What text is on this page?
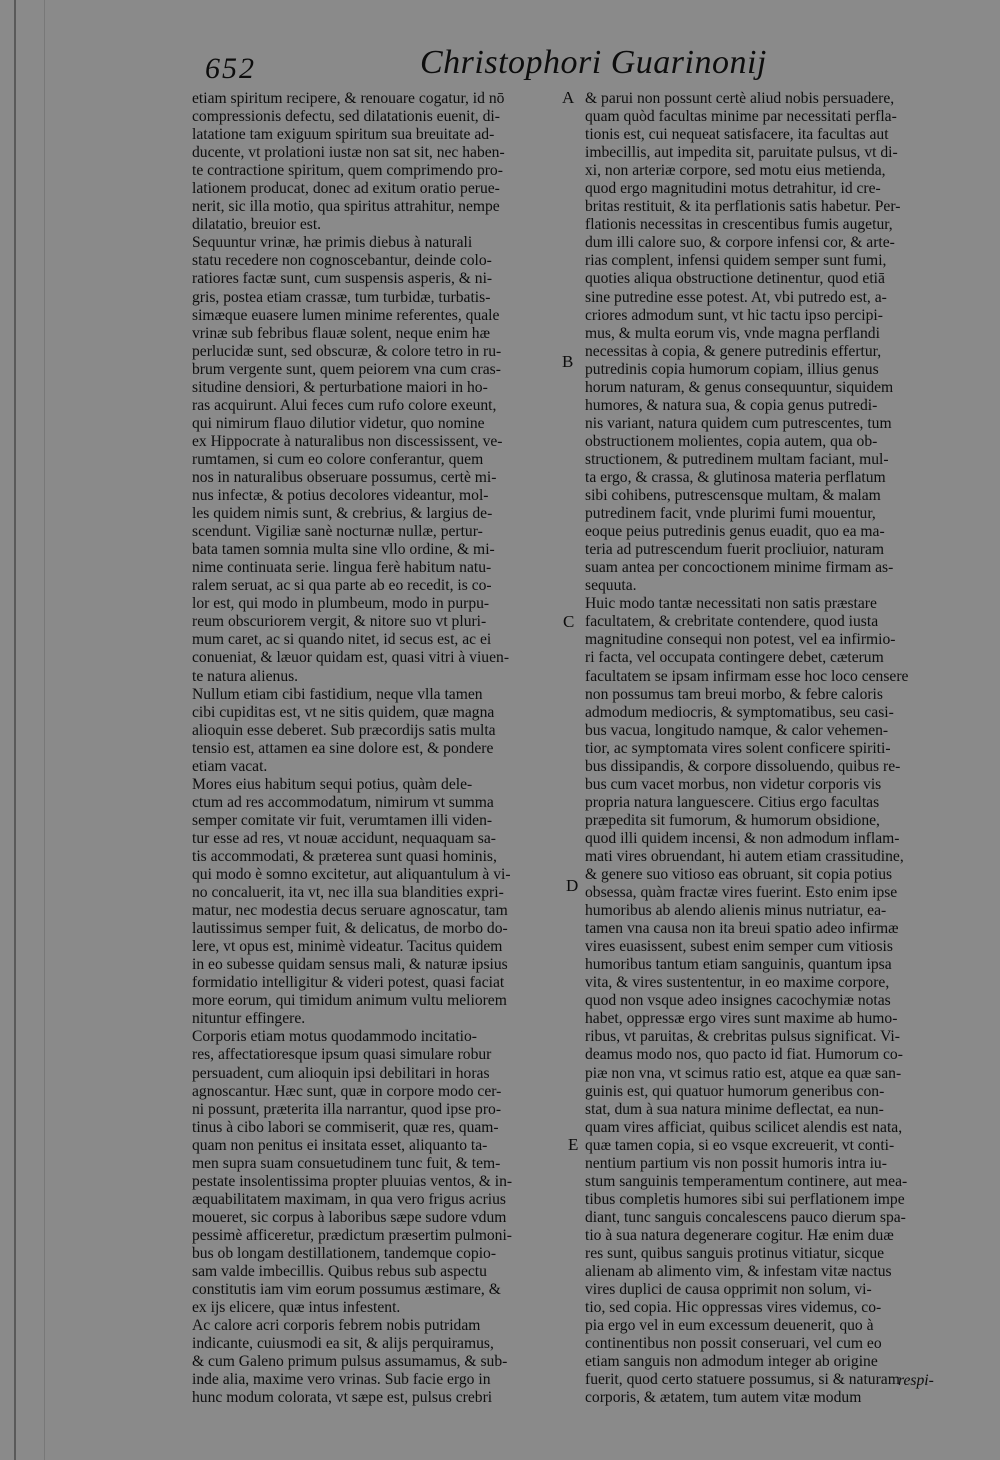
652	Christophori Guarinonij
A
B
C
D
E
etiam spiritum recipere, & renouare cogatur, id nō
compressionis defectu, sed dilatationis euenit, di-
latatione tam exiguum spiritum sua breuitate ad-
ducente, vt prolationi iustæ non sat sit, nec haben-
te contractione spiritum, quem comprimendo pro-
lationem producat, donec ad exitum oratio perue-
nerit, sic illa motio, qua spiritus attrahitur, nempe
dilatatio, breuior est.
Sequuntur vrinæ, hæ primis diebus à naturali
statu recedere non cognoscebantur, deinde colo-
ratiores factæ sunt, cum suspensis asperis, & ni-
gris, postea etiam crassæ, tum turbidæ, turbatis-
simæque euasere lumen minime referentes, quale
vrinæ sub febribus flauæ solent, neque enim hæ
perlucidæ sunt, sed obscuræ, & colore tetro in ru-
brum vergente sunt, quem peiorem vna cum cras-
situdine densiori, & perturbatione maiori in ho-
ras acquirunt. Alui feces cum rufo colore exeunt,
qui nimirum flauo dilutior videtur, quo nomine
ex Hippocrate à naturalibus non discessissent, ve-
rumtamen, si cum eo colore conferantur, quem
nos in naturalibus obseruare possumus, certè mi-
nus infectæ, & potius decolores videantur, mol-
les quidem nimis sunt, & crebrius, & largius de-
scendunt. Vigiliæ sanè nocturnæ nullæ, pertur-
bata tamen somnia multa sine vllo ordine, & mi-
nime continuata serie. lingua ferè habitum natu-
ralem seruat, ac si qua parte ab eo recedit, is co-
lor est, qui modo in plumbeum, modo in purpu-
reum obscuriorem vergit, & nitore suo vt pluri-
mum caret, ac si quando nitet, id secus est, ac ei
conueniat, & læuor quidam est, quasi vitri à viuen-
te natura alienus.
Nullum etiam cibi fastidium, neque vlla tamen
cibi cupiditas est, vt ne sitis quidem, quæ magna
alioquin esse deberet. Sub præcordijs satis multa
tensio est, attamen ea sine dolore est, & pondere
etiam vacat.
Mores eius habitum sequi potius, quàm dele-
ctum ad res accommodatum, nimirum vt summa
semper comitate vir fuit, verumtamen illi viden-
tur esse ad res, vt nouæ accidunt, nequaquam sa-
tis accommodati, & præterea sunt quasi hominis,
qui modo è somno excitetur, aut aliquantulum à vi-
no concaluerit, ita vt, nec illa sua blandities expri-
matur, nec modestia decus seruare agnoscatur, tam
lautissimus semper fuit, & delicatus, de morbo do-
lere, vt opus est, minimè videatur. Tacitus quidem
in eo subesse quidam sensus mali, & naturæ ipsius
formidatio intelligitur & videri potest, quasi faciat
more eorum, qui timidum animum vultu meliorem
nituntur effingere.
Corporis etiam motus quodammodo incitatio-
res, affectatioresque ipsum quasi simulare robur
persuadent, cum alioquin ipsi debilitari in horas
agnoscantur. Hæc sunt, quæ in corpore modo cer-
ni possunt, præterita illa narrantur, quod ipse pro-
tinus à cibo labori se commiserit, quæ res, quam-
quam non penitus ei insitata esset, aliquanto ta-
men supra suam consuetudinem tunc fuit, & tem-
pestate insolentissima propter pluuias ventos, & in-
æquabilitatem maximam, in qua vero frigus acrius
moueret, sic corpus à laboribus sæpe sudore vdum
pessimè afficeretur, prædictum præsertim pulmoni-
bus ob longam destillationem, tandemque copio-
sam valde imbecillis. Quibus rebus sub aspectu
constitutis iam vim eorum possumus æstimare, &
ex ijs elicere, quæ intus infestent.
Ac calore acri corporis febrem nobis putridam
indicante, cuiusmodi ea sit, & alijs perquiramus,
& cum Galeno primum pulsus assumamus, & sub-
inde alia, maxime vero vrinas. Sub facie ergo in
hunc modum colorata, vt sæpe est, pulsus crebri
& parui non possunt certè aliud nobis persuadere,
quam quòd facultas minime par necessitati perfla-
tionis est, cui nequeat satisfacere, ita facultas aut
imbecillis, aut impedita sit, paruitate pulsus, vt di-
xi, non arteriæ corpore, sed motu eius metienda,
quod ergo magnitudini motus detrahitur, id cre-
britas restituit, & ita perflationis satis habetur. Per-
flationis necessitas in crescentibus fumis augetur,
dum illi calore suo, & corpore infensi cor, & arte-
rias complent, infensi quidem semper sunt fumi,
quoties aliqua obstructione detinentur, quod etiā
sine putredine esse potest. At, vbi putredo est, a-
criores admodum sunt, vt hic tactu ipso percipi-
mus, & multa eorum vis, vnde magna perflandi
necessitas à copia, & genere putredinis effertur,
putredinis copia humorum copiam, illius genus
horum naturam, & genus consequuntur, siquidem
humores, & natura sua, & copia genus putredi-
nis variant, natura quidem cum putrescentes, tum
obstructionem molientes, copia autem, qua ob-
structionem, & putredinem multam faciant, mul-
ta ergo, & crassa, & glutinosa materia perflatum
sibi cohibens, putrescensque multam, & malam
putredinem facit, vnde plurimi fumi mouentur,
eoque peius putredinis genus euadit, quo ea ma-
teria ad putrescendum fuerit procliuior, naturam
suam antea per concoctionem minime firmam as-
sequuta.
Huic modo tantæ necessitati non satis præstare
facultatem, & crebritate contendere, quod iusta
magnitudine consequi non potest, vel ea infirmio-
ri facta, vel occupata contingere debet, cæterum
facultatem se ipsam infirmam esse hoc loco censere
non possumus tam breui morbo, & febre caloris
admodum mediocris, & symptomatibus, seu casi-
bus vacua, longitudo namque, & calor vehemen-
tior, ac symptomata vires solent conficere spiriti-
bus dissipandis, & corpore dissoluendo, quibus re-
bus cum vacet morbus, non videtur corporis vis
propria natura languescere. Citius ergo facultas
præpedita sit fumorum, & humorum obsidione,
quod illi quidem incensi, & non admodum inflam-
mati vires obruendant, hi autem etiam crassitudine,
& genere suo vitioso eas obruant, sit copia potius
obsessa, quàm fractæ vires fuerint. Esto enim ipse
humoribus ab alendo alienis minus nutriatur, ea-
tamen vna causa non ita breui spatio adeo infirmæ
vires euasissent, subest enim semper cum vitiosis
humoribus tantum etiam sanguinis, quantum ipsa
vita, & vires sustententur, in eo maxime corpore,
quod non vsque adeo insignes cacochymiæ notas
habet, oppressæ ergo vires sunt maxime ab humo-
ribus, vt paruitas, & crebritas pulsus significat. Vi-
deamus modo nos, quo pacto id fiat. Humorum co-
piæ non vna, vt scimus ratio est, atque ea quæ san-
guinis est, qui quatuor humorum generibus con-
stat, dum à sua natura minime deflectat, ea nun-
quam vires afficiat, quibus scilicet alendis est nata,
quæ tamen copia, si eo vsque excreuerit, vt conti-
nentium partium vis non possit humoris intra iu-
stum sanguinis temperamentum continere, aut mea-
tibus completis humores sibi sui perflationem impe
diant, tunc sanguis concalescens pauco dierum spa-
tio à sua natura degenerare cogitur. Hæ enim duæ
res sunt, quibus sanguis protinus vitiatur, sicque
alienam ab alimento vim, & infestam vitæ nactus
vires duplici de causa opprimit non solum, vi-
tio, sed copia. Hic oppressas vires videmus, co-
pia ergo vel in eum excessum deuenerit, quo à
continentibus non possit conseruari, vel cum eo
etiam sanguis non admodum integer ab origine
fuerit, quod certo statuere possumus, si & naturam
corporis, & ætatem, tum autem vitæ modum
respi-
